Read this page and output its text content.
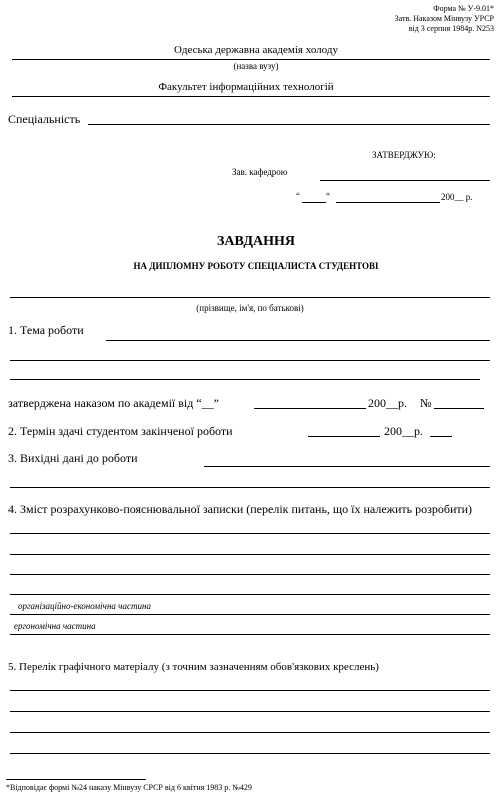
Форма № У-9.01*
Затв. Наказом Мінвузу УРСР
від 3 серпня 1984р. N253
Одеська державна академія холоду
(назва вузу)
Факультет інформаційних технологій
Спеціальність
ЗАТВЕРДЖУЮ:
Зав. кафедрою
“	“	200__ р.
ЗАВДАННЯ
НА ДИПЛОМНУ РОБОТУ СПЕЦІАЛИСТА СТУДЕНТОВІ
(прізвище, ім'я, по батькові)
1. Тема роботи
затверджена наказом по академії від “__”	200__р. №
2. Термін здачі студентом закінченої роботи	200__р.
3. Вихідні дані до роботи
4. Зміст розрахунково-пояснювальної записки (перелік питань, що їх належить розробити)
організаційно-економічна частина
ергономічна частина
5. Перелік графічного матеріалу (з точним зазначенням обов'язкових креслень)
*Відповідає формі №24 наказу Мінвузу СРСР від 6 квітня 1983 р. №429
